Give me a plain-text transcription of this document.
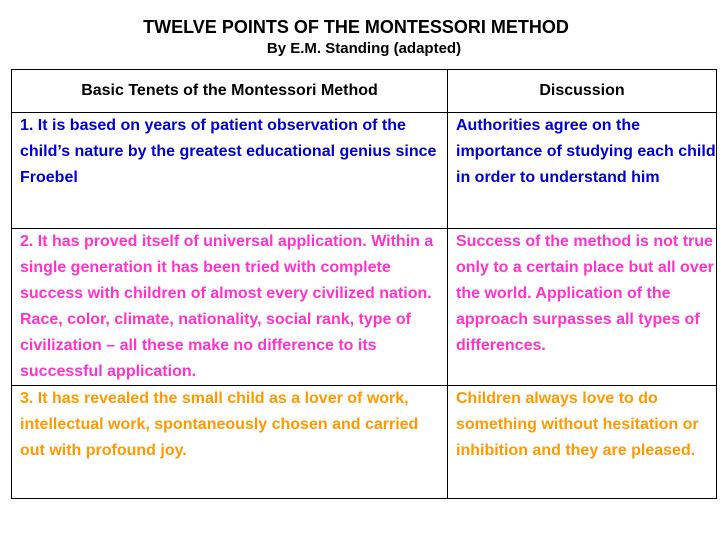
TWELVE POINTS OF THE MONTESSORI METHOD
By E.M. Standing (adapted)
Basic Tenets of the Montessori Method	Discussion

1. It is based on years of patient observation of the child’s nature by the greatest educational genius since Froebel	Authorities agree on the importance of studying each child in order to understand him

2. It has proved itself of universal application. Within a single generation it has been tried with complete success with children of almost every civilized nation. Race, color, climate, nationality, social rank, type of civilization – all these make no difference to its successful application.	Success of the method is not true only to a certain place but all over the world. Application of the approach surpasses all types of differences.

3. It has revealed the small child as a lover of work, intellectual work, spontaneously chosen and carried out with profound joy.	Children always love to do something without hesitation or inhibition and they are pleased.
